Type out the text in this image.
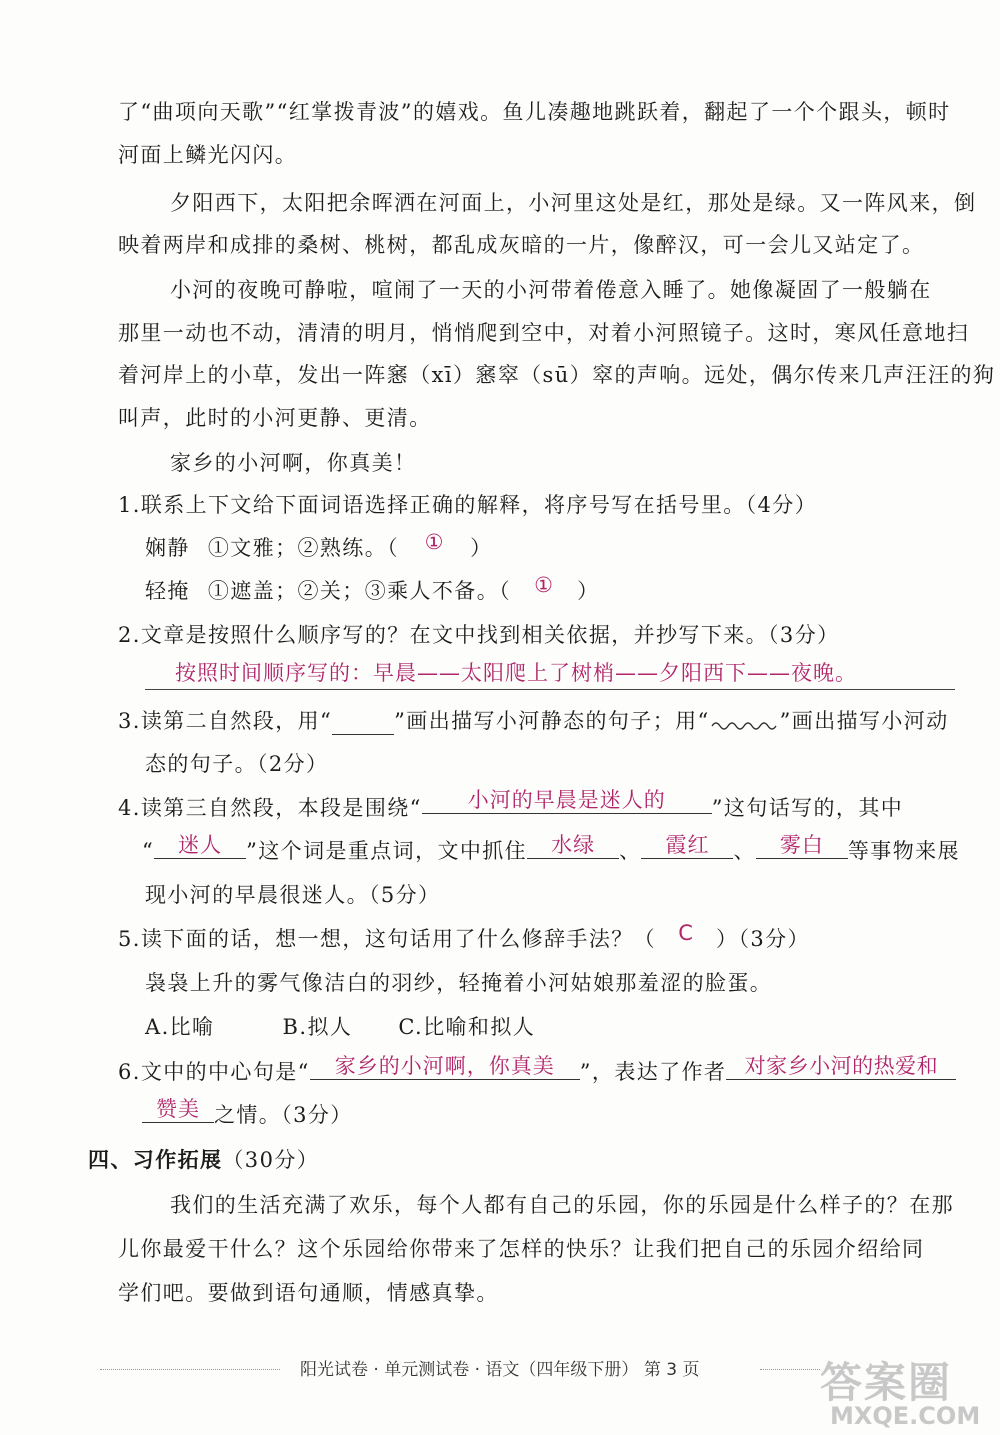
了“曲项向天歌”“红掌拨青波”的嬉戏。鱼儿凑趣地跳跃着，翻起了一个个跟头，顿时
河面上鳞光闪闪。
夕阳西下，太阳把余晖洒在河面上，小河里这处是红，那处是绿。又一阵风来，倒
映着两岸和成排的桑树、桃树，都乱成灰暗的一片，像醉汉，可一会儿又站定了。
小河的夜晚可静啦，喧闹了一天的小河带着倦意入睡了。她像凝固了一般躺在
那里一动也不动，清清的明月，悄悄爬到空中，对着小河照镜子。这时，寒风任意地扫
着河岸上的小草，发出一阵窸（xī）窸窣（sū）窣的声响。远处，偶尔传来几声汪汪的狗
叫声，此时的小河更静、更清。
家乡的小河啊，你真美！
1.联系上下文给下面词语选择正确的解释，将序号写在括号里。（4分）
娴静 ①文雅；②熟练。（ ① ）
轻掩 ①遮盖；②关；③乘人不备。（ ① ）
2.文章是按照什么顺序写的？在文中找到相关依据，并抄写下来。（3分）
按照时间顺序写的：早晨——太阳爬上了树梢——夕阳西下——夜晚。
3.读第二自然段，用“	”画出描写小河静态的句子；用“	”画出描写小河动
态的句子。（2分）
4.读第三自然段，本段是围绕“ 小河的早晨是迷人的 ”这句话写的，其中
“ 迷人 ”这个词是重点词，文中抓住 水绿 、 霞红 、 雾白 等事物来展
现小河的早晨很迷人。（5分）
5.读下面的话，想一想，这句话用了什么修辞手法？（ C ）（3分）
袅袅上升的雾气像洁白的羽纱，轻掩着小河姑娘那羞涩的脸蛋。
A.比喻	B.拟人 C.比喻和拟人
6.文中的中心句是“ 家乡的小河啊，你真美 ”，表达了作者 对家乡小河的热爱和
赞美 之情。（3分）
四、习作拓展（30分）
我们的生活充满了欢乐，每个人都有自己的乐园，你的乐园是什么样子的？在那
儿你最爱干什么？这个乐园给你带来了怎样的快乐？让我们把自己的乐园介绍给同
学们吧。要做到语句通顺，情感真挚。
阳光试卷 · 单元测试卷 · 语文（四年级下册） 第 3 页	答案圈
MXQE.COM
